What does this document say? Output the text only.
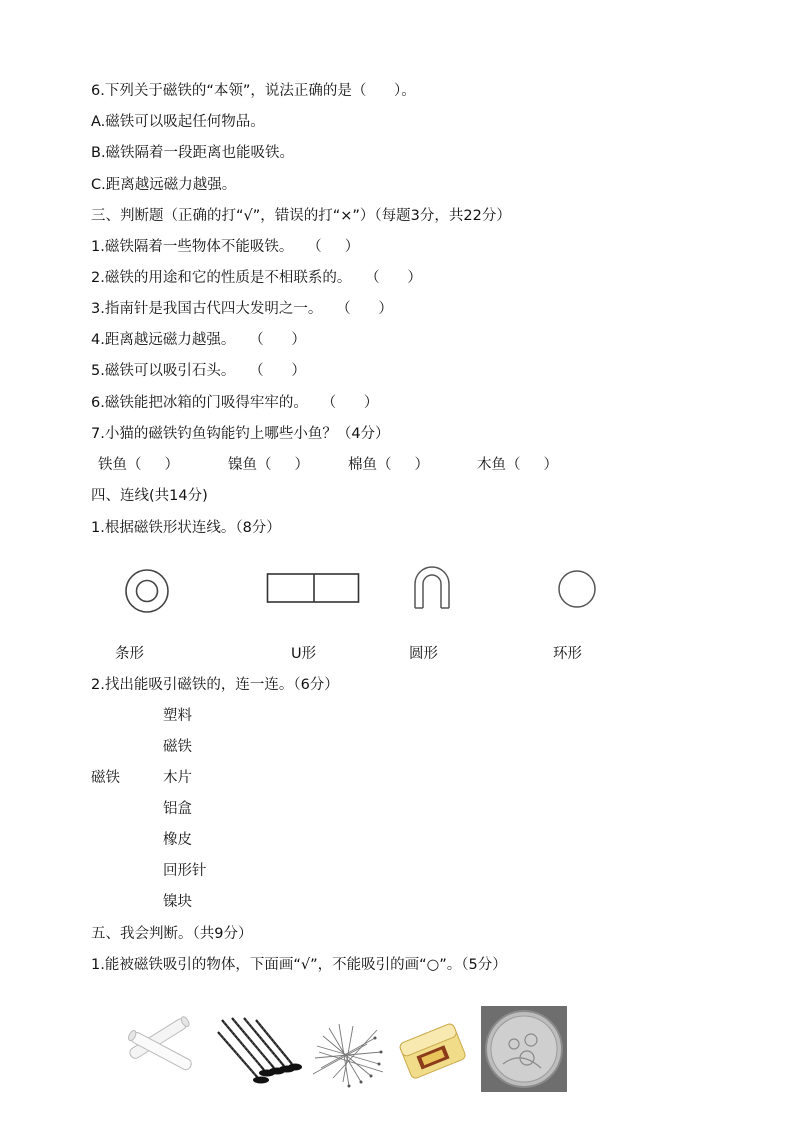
6.下列关于磁铁的“本领”，说法正确的是（      ）。
A.磁铁可以吸起任何物品。
B.磁铁隔着一段距离也能吸铁。
C.距离越远磁力越强。
三、判断题（正确的打“√”，错误的打“×”）（每题3分，共22分）
1.磁铁隔着一些物体不能吸铁。   （     ）
2.磁铁的用途和它的性质是不相联系的。   （      ）
3.指南针是我国古代四大发明之一。   （      ）
4.距离越远磁力越强。   （      ）
5.磁铁可以吸引石头。   （      ）
6.磁铁能把冰箱的门吸得牢牢的。   （      ）
7.小猫的磁铁钓鱼钩能钓上哪些小鱼？（4分）
铁鱼（     ）	镍鱼（     ）	棉鱼（     ）	木鱼（     ）
四、连线(共14分)
1.根据磁铁形状连线。（8分）
条形	U形	圆形	环形
2.找出能吸引磁铁的，连一连。（6分）
塑料
磁铁
磁铁	木片
铝盒
橡皮
回形针
镍块
五、我会判断。（共9分）
1.能被磁铁吸引的物体，下面画“√”，不能吸引的画“○”。（5分）
